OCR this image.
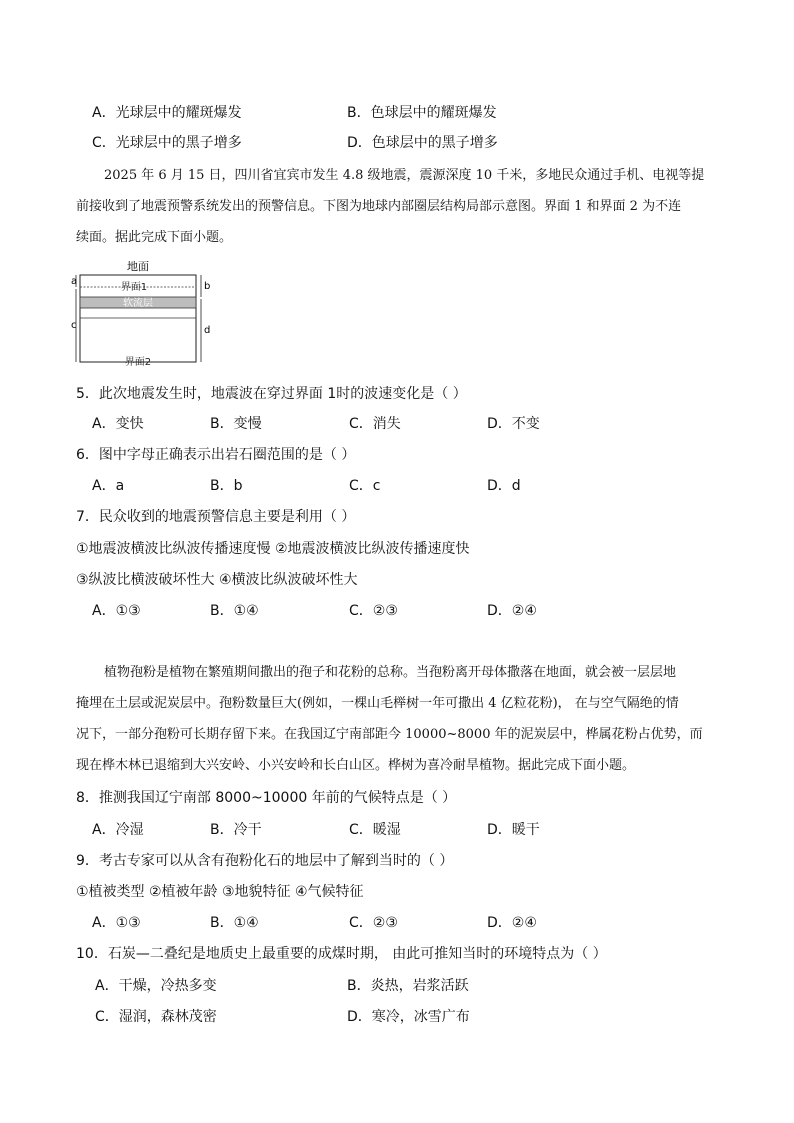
A．光球层中的耀斑爆发	B．色球层中的耀斑爆发
C．光球层中的黑子增多	D．色球层中的黑子增多
2025 年 6 月 15 日，四川省宜宾市发生 4.8 级地震，震源深度 10 千米，多地民众通过手机、电视等提
前接收到了地震预警系统发出的预警信息。下图为地球内部圈层结构局部示意图。界面 1 和界面 2 为不连
续面。据此完成下面小题。
地面
界面1
软流层
界面2
a
c
b
d
5．此次地震发生时，地震波在穿过界面 1时的波速变化是（ ）
A．变快	B．变慢	C．消失	D．不变
6．图中字母正确表示出岩石圈范围的是（ ）
A．a	B．b	C．c	D．d
7．民众收到的地震预警信息主要是利用（ ）
①地震波横波比纵波传播速度慢 ②地震波横波比纵波传播速度快
③纵波比横波破坏性大 ④横波比纵波破坏性大
A．①③	B．①④	C．②③	D．②④
植物孢粉是植物在繁殖期间撒出的孢子和花粉的总称。当孢粉离开母体撒落在地面，就会被一层层地
掩埋在土层或泥炭层中。孢粉数量巨大(例如，一棵山毛榉树一年可撒出 4 亿粒花粉)， 在与空气隔绝的情
况下，一部分孢粉可长期存留下来。在我国辽宁南部距今 10000~8000 年的泥炭层中，桦属花粉占优势，而
现在桦木林已退缩到大兴安岭、小兴安岭和长白山区。桦树为喜冷耐旱植物。据此完成下面小题。
8．推测我国辽宁南部 8000~10000 年前的气候特点是（ ）
A．冷湿	B．冷干	C．暖湿	D．暖干
9．考古专家可以从含有孢粉化石的地层中了解到当时的（ ）
①植被类型 ②植被年龄 ③地貌特征 ④气候特征
A．①③	B．①④	C．②③	D．②④
10．石炭—二叠纪是地质史上最重要的成煤时期， 由此可推知当时的环境特点为（ ）
A．干燥，冷热多变	B．炎热，岩浆活跃
C．湿润，森林茂密	D．寒冷，冰雪广布
